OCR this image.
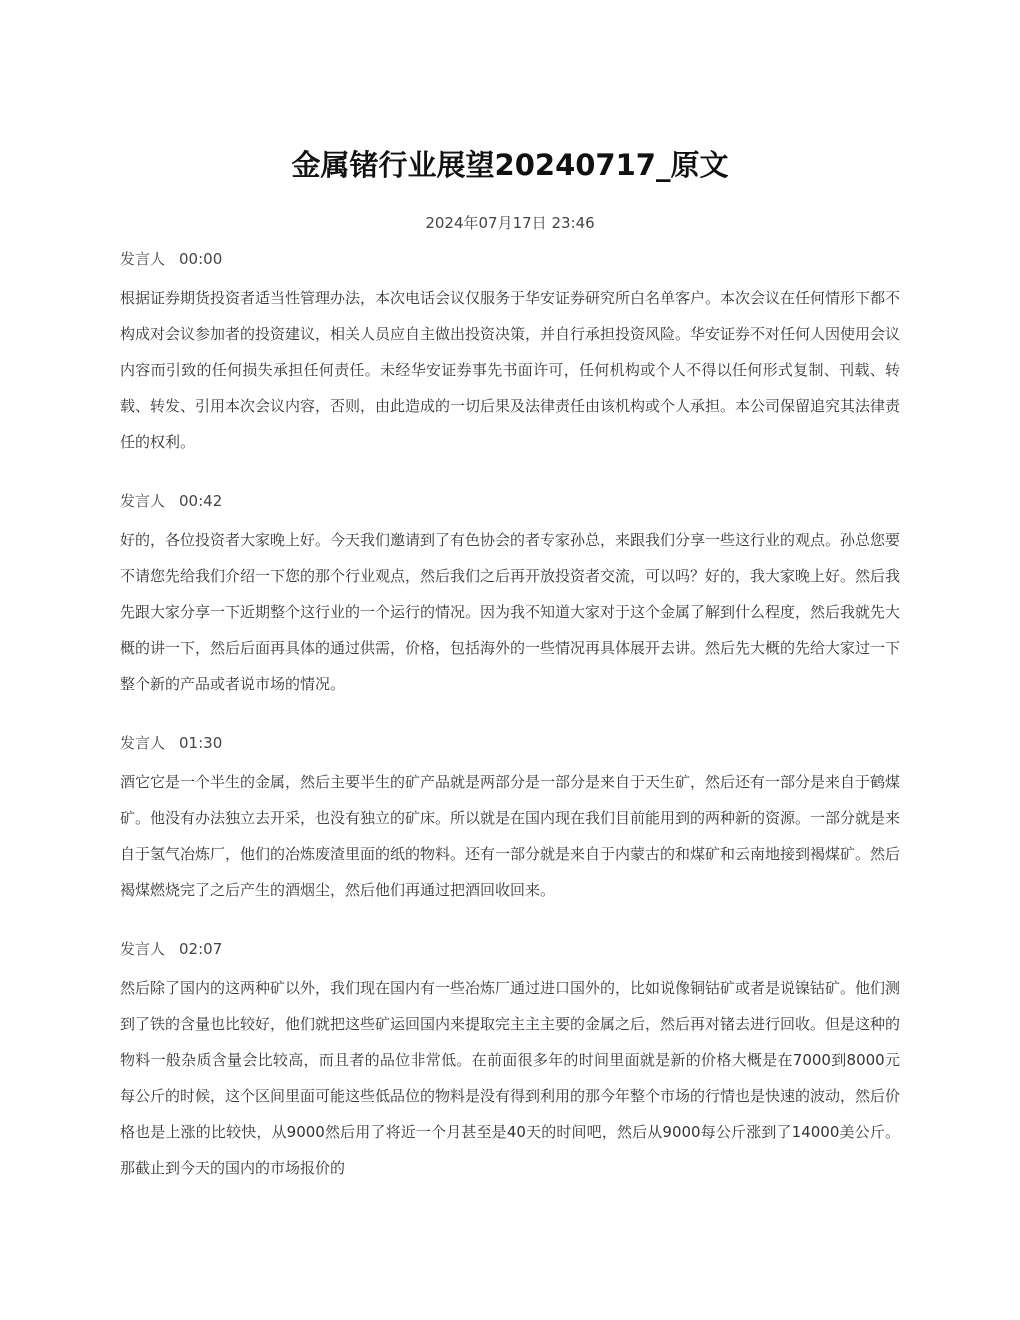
金属锗行业展望20240717_原文
2024年07月17日 23:46
发言人 00:00

根据证券期货投资者适当性管理办法，本次电话会议仅服务于华安证券研究所白名单客户。本次会议在任何情形下都不构成对会议参加者的投资建议，相关人员应自主做出投资决策，并自行承担投资风险。华安证券不对任何人因使用会议内容而引致的任何损失承担任何责任。未经华安证券事先书面许可，任何机构或个人不得以任何形式复制、刊载、转载、转发、引用本次会议内容，否则，由此造成的一切后果及法律责任由该机构或个人承担。本公司保留追究其法律责任的权利。

发言人 00:42

好的，各位投资者大家晚上好。今天我们邀请到了有色协会的者专家孙总，来跟我们分享一些这行业的观点。孙总您要不请您先给我们介绍一下您的那个行业观点，然后我们之后再开放投资者交流，可以吗？好的，我大家晚上好。然后我先跟大家分享一下近期整个这行业的一个运行的情况。因为我不知道大家对于这个金属了解到什么程度，然后我就先大概的讲一下，然后后面再具体的通过供需，价格，包括海外的一些情况再具体展开去讲。然后先大概的先给大家过一下整个新的产品或者说市场的情况。

发言人 01:30

酒它它是一个半生的金属，然后主要半生的矿产品就是两部分是一部分是来自于天生矿，然后还有一部分是来自于鹤煤矿。他没有办法独立去开采，也没有独立的矿床。所以就是在国内现在我们目前能用到的两种新的资源。一部分就是来自于氢气冶炼厂，他们的冶炼废渣里面的纸的物料。还有一部分就是来自于内蒙古的和煤矿和云南地接到褐煤矿。然后褐煤燃烧完了之后产生的酒烟尘，然后他们再通过把酒回收回来。

发言人 02:07

然后除了国内的这两种矿以外，我们现在国内有一些冶炼厂通过进口国外的，比如说像铜钴矿或者是说镍钴矿。他们测到了铁的含量也比较好，他们就把这些矿运回国内来提取完主主主要的金属之后，然后再对锗去进行回收。但是这种的物料一般杂质含量会比较高，而且者的品位非常低。在前面很多年的时间里面就是新的价格大概是在7000到8000元每公斤的时候，这个区间里面可能这些低品位的物料是没有得到利用的那今年整个市场的行情也是快速的波动，然后价格也是上涨的比较快，从9000然后用了将近一个月甚至是40天的时间吧，然后从9000每公斤涨到了14000美公斤。那截止到今天的国内的市场报价的
